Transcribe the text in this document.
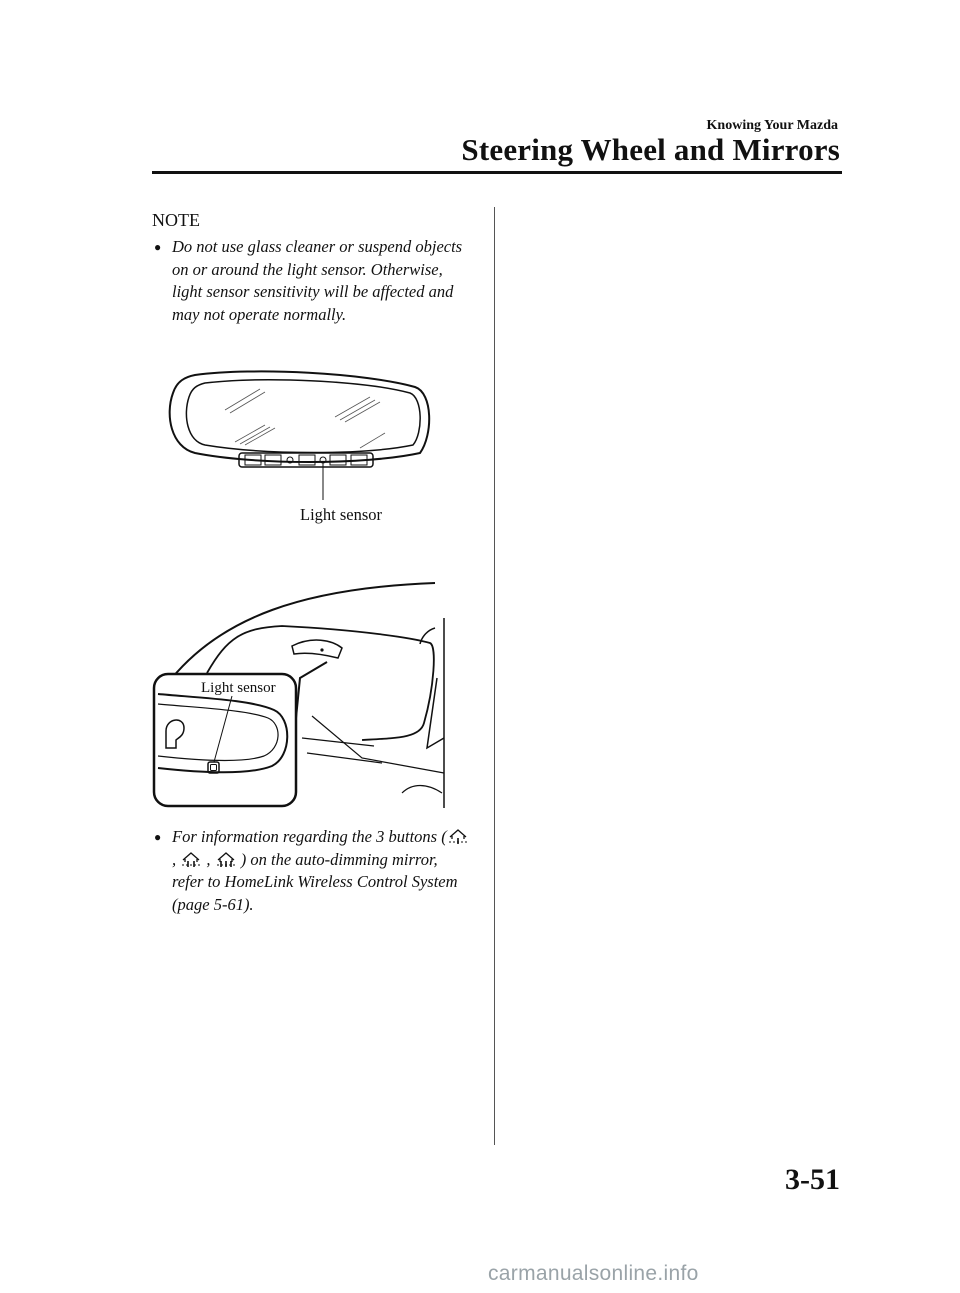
Knowing Your Mazda
Steering Wheel and Mirrors
NOTE
● Do not use glass cleaner or suspend objects on or around the light sensor. Otherwise, light sensor sensitivity will be affected and may not operate normally.
Light sensor
Light sensor
● For information regarding the 3 buttons ( ,  ,  ) on the auto-dimming mirror, refer to HomeLink Wireless Control System (page 5-61).
3-51
carmanualsonline.info
